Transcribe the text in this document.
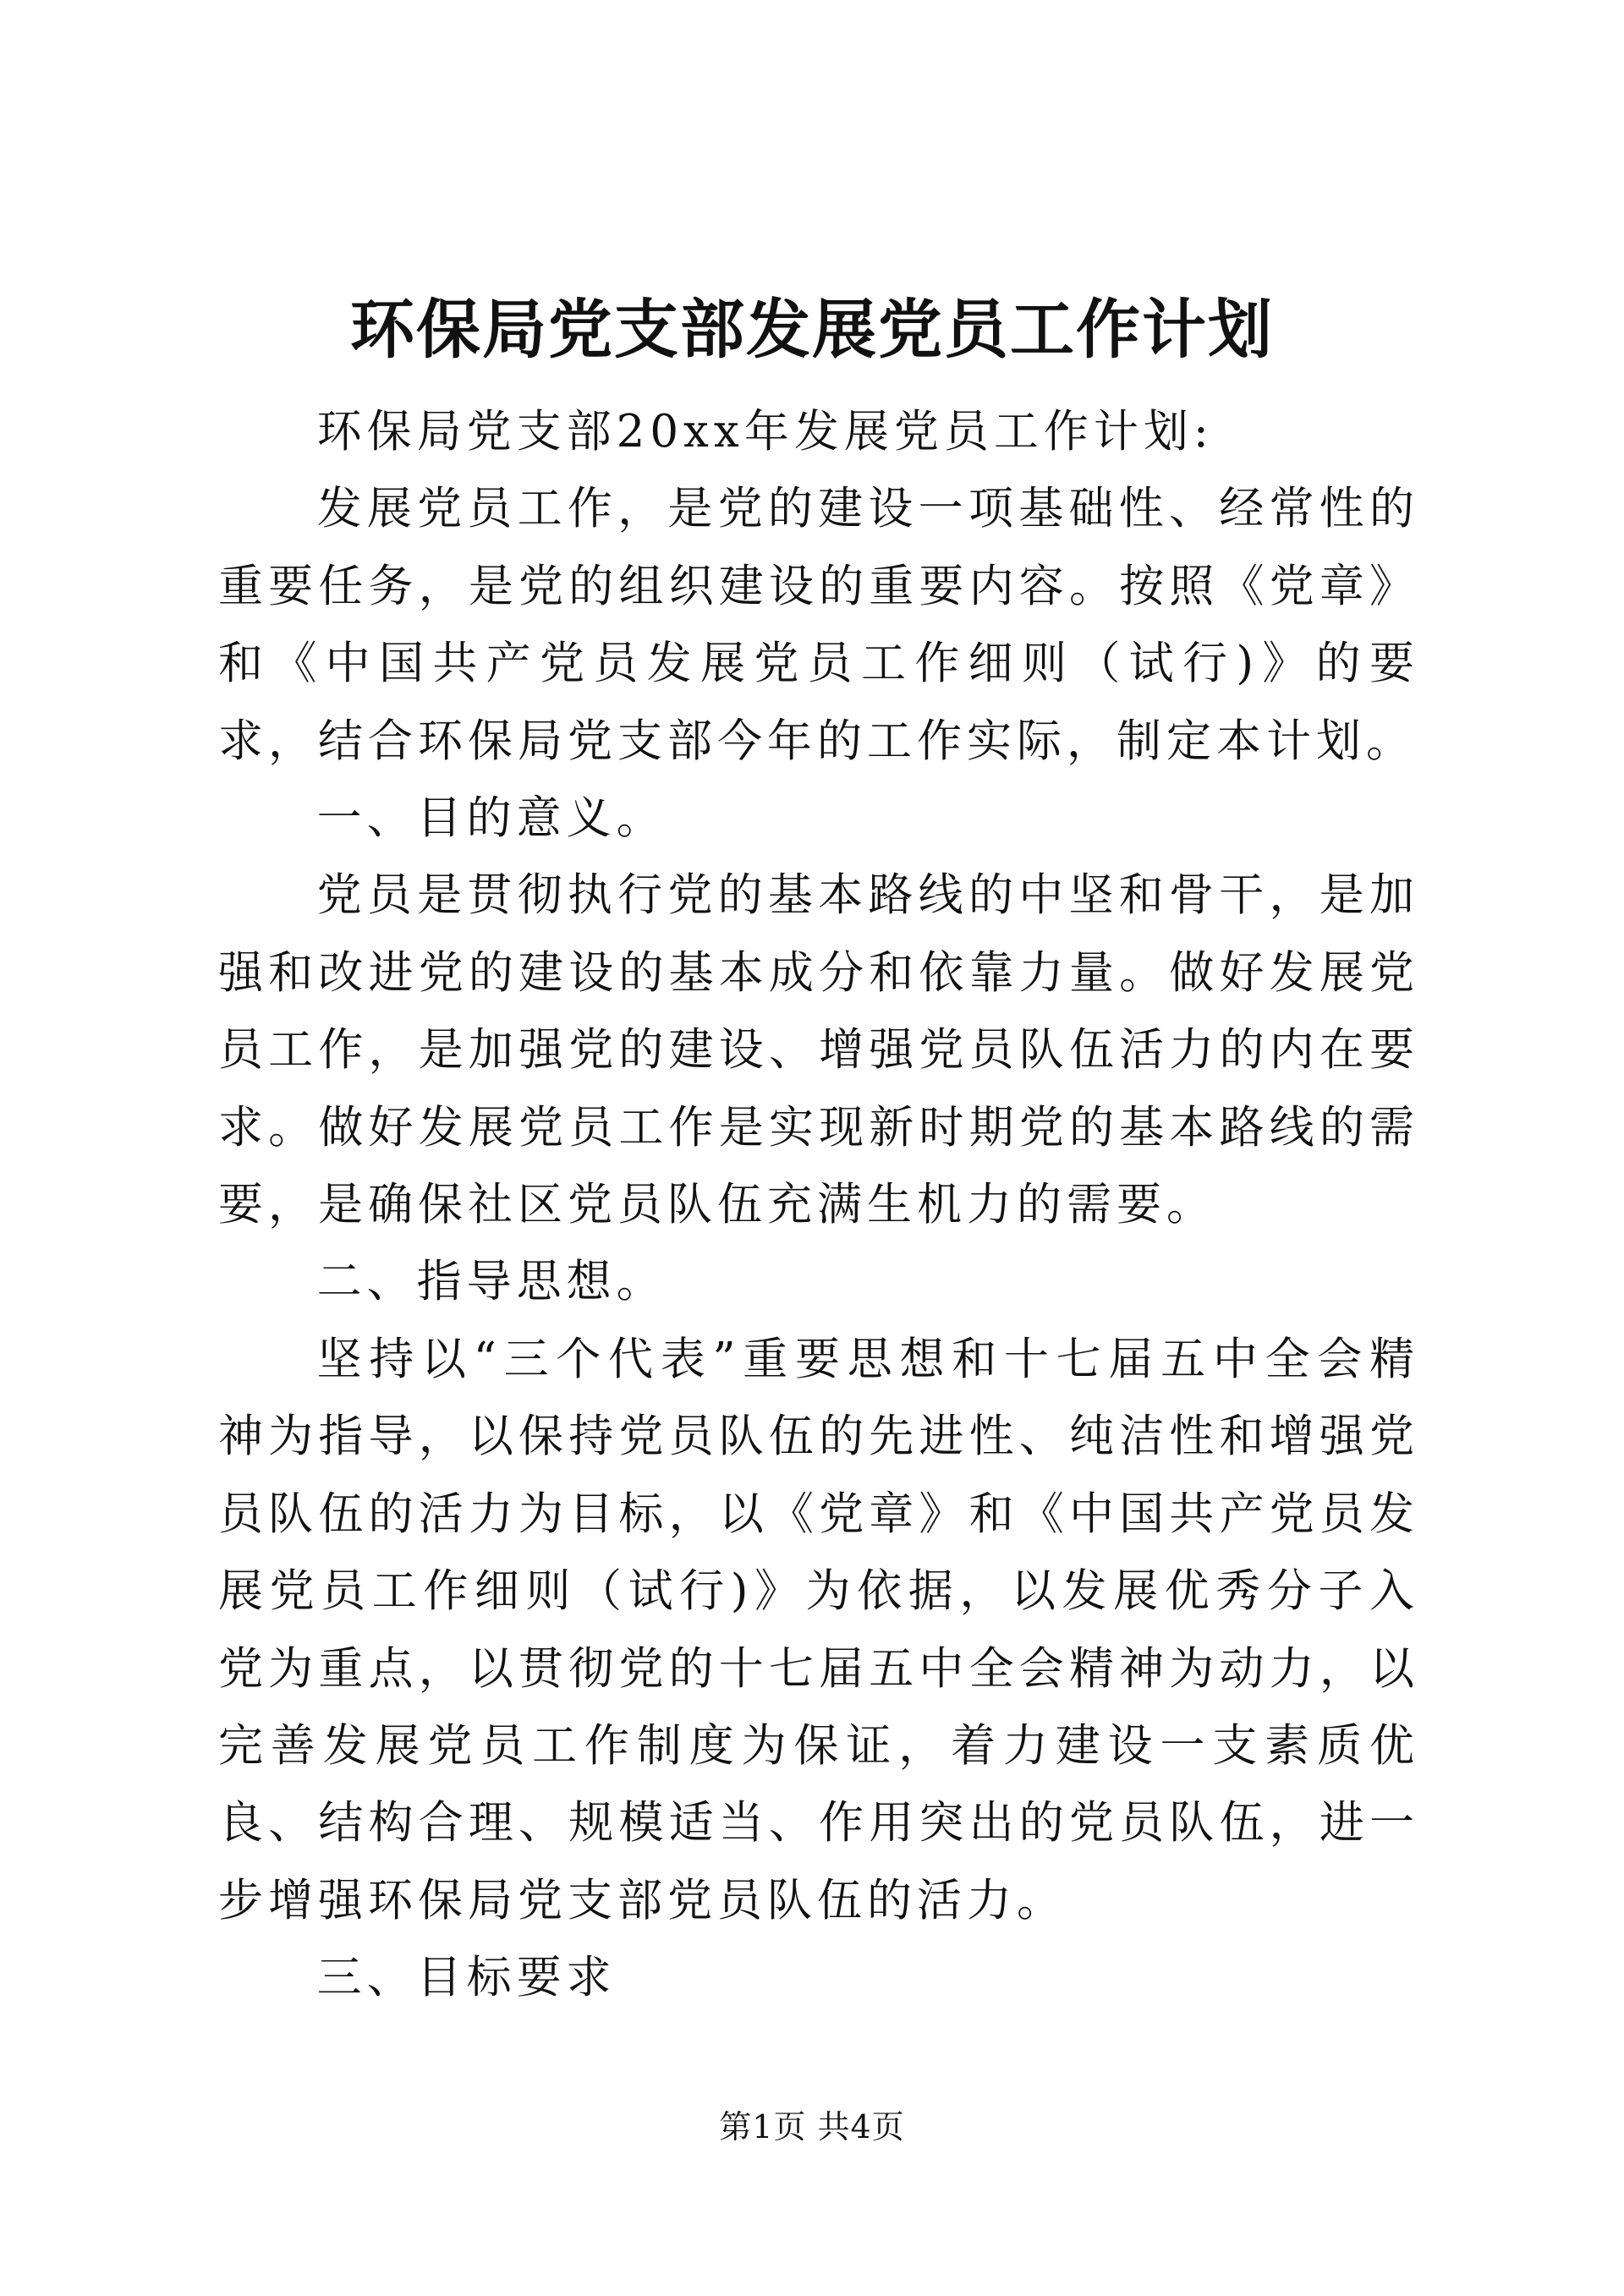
环保局党支部发展党员工作计划

环保局党支部20xx年发展党员工作计划:

发展党员工作，是党的建设一项基础性、经常性的重要任务，是党的组织建设的重要内容。按照《党章》和《中国共产党员发展党员工作细则（试行)》的要求，结合环保局党支部今年的工作实际，制定本计划。

一、目的意义。

党员是贯彻执行党的基本路线的中坚和骨干，是加强和改进党的建设的基本成分和依靠力量。做好发展党员工作，是加强党的建设、增强党员队伍活力的内在要求。做好发展党员工作是实现新时期党的基本路线的需要，是确保社区党员队伍充满生机力的需要。

二、指导思想。

坚持以“三个代表”重要思想和十七届五中全会精神为指导，以保持党员队伍的先进性、纯洁性和增强党员队伍的活力为目标，以《党章》和《中国共产党员发展党员工作细则（试行)》为依据，以发展优秀分子入党为重点，以贯彻党的十七届五中全会精神为动力，以完善发展党员工作制度为保证，着力建设一支素质优良、结构合理、规模适当、作用突出的党员队伍，进一步增强环保局党支部党员队伍的活力。

三、目标要求

第1页 共4页
